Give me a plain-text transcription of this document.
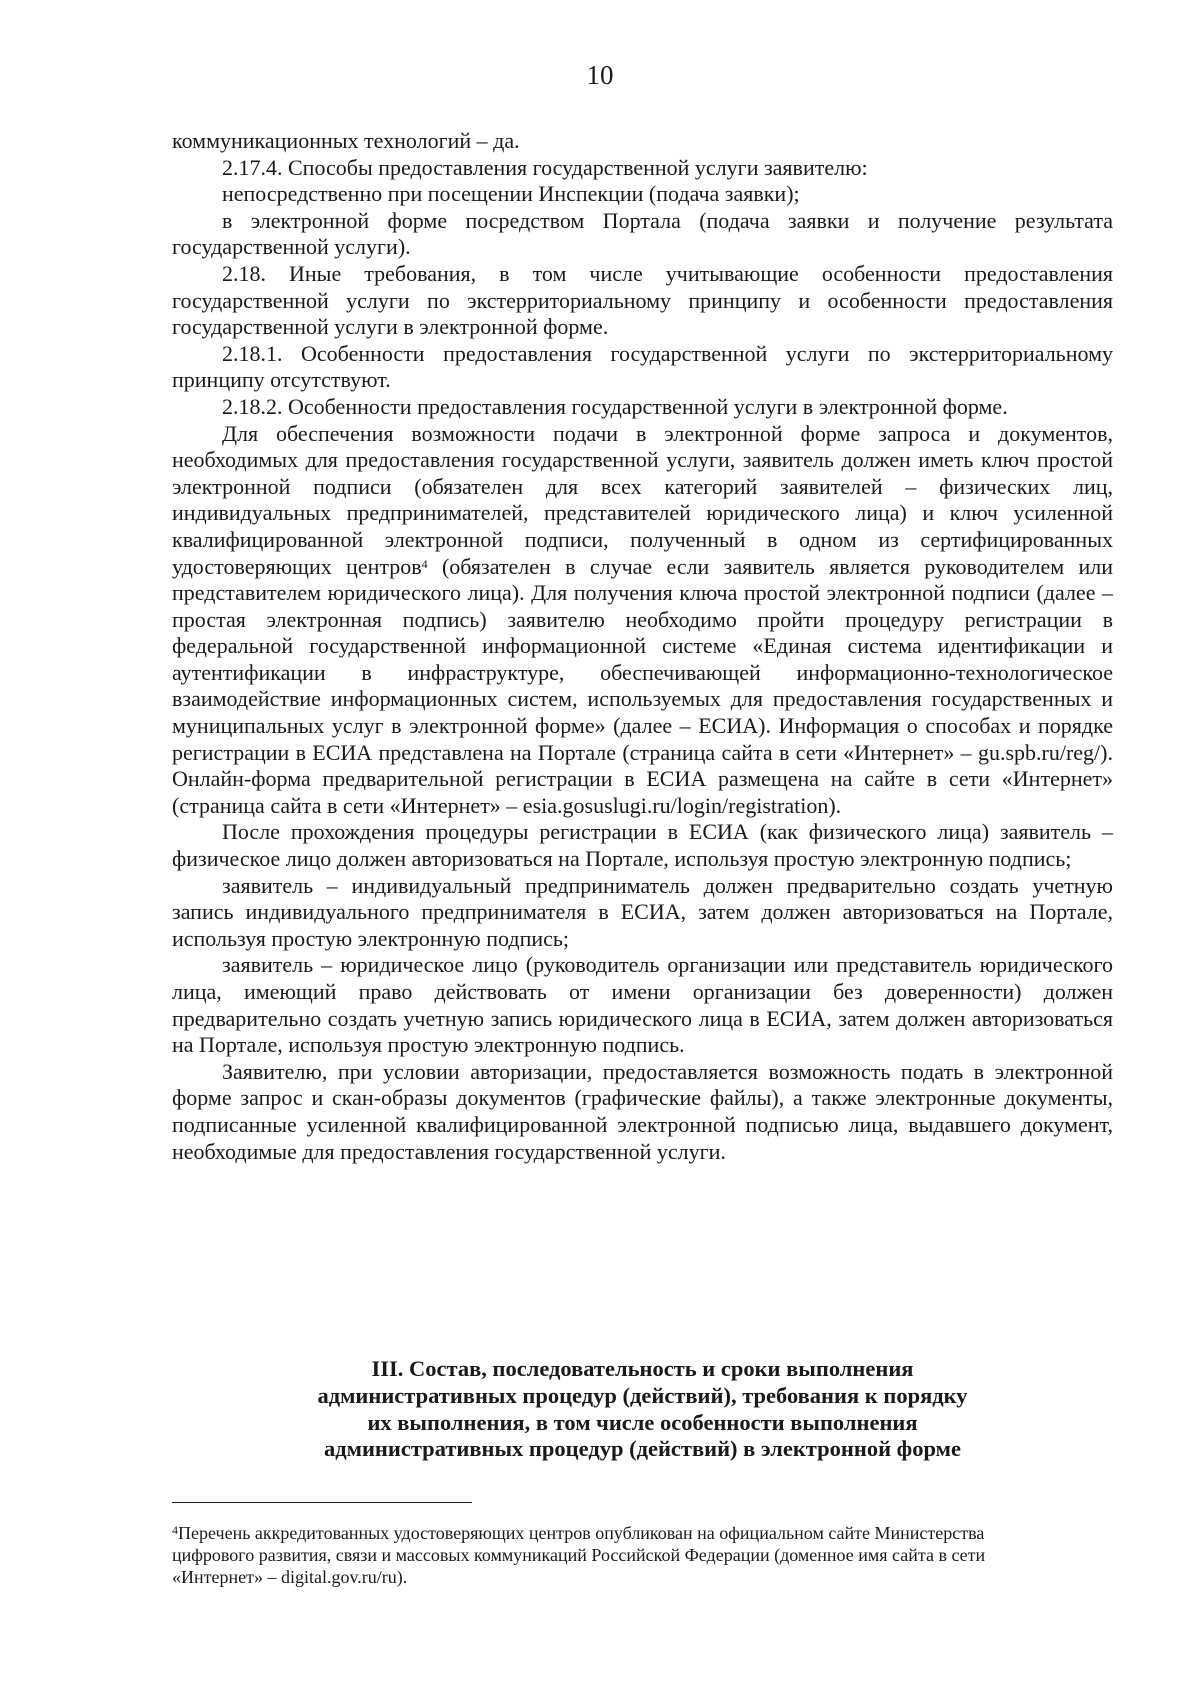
10

коммуникационных технологий – да.

2.17.4. Способы предоставления государственной услуги заявителю:

непосредственно при посещении Инспекции (подача заявки);

в электронной форме посредством Портала (подача заявки и получение результата государственной услуги).

2.18. Иные требования, в том числе учитывающие особенности предоставления государственной услуги по экстерриториальному принципу и особенности предоставления государственной услуги в электронной форме.

2.18.1. Особенности предоставления государственной услуги по экстерриториальному принципу отсутствуют.

2.18.2. Особенности предоставления государственной услуги в электронной форме.

Для обеспечения возможности подачи в электронной форме запроса и документов, необходимых для предоставления государственной услуги, заявитель должен иметь ключ простой электронной подписи (обязателен для всех категорий заявителей – физических лиц, индивидуальных предпринимателей, представителей юридического лица) и ключ усиленной квалифицированной электронной подписи, полученный в одном из сертифицированных удостоверяющих центров$^4$ (обязателен в случае если заявитель является руководителем или представителем юридического лица). Для получения ключа простой электронной подписи (далее – простая электронная подпись) заявителю необходимо пройти процедуру регистрации в федеральной государственной информационной системе «Единая система идентификации и аутентификации в инфраструктуре, обеспечивающей информационно-технологическое взаимодействие информационных систем, используемых для предоставления государственных и муниципальных услуг в электронной форме» (далее – ЕСИА). Информация о способах и порядке регистрации в ЕСИА представлена на Портале (страница сайта в сети «Интернет» – gu.spb.ru/reg/). Онлайн-форма предварительной регистрации в ЕСИА размещена на сайте в сети «Интернет» (страница сайта в сети «Интернет» – esia.gosuslugi.ru/login/registration).

После прохождения процедуры регистрации в ЕСИА (как физического лица) заявитель – физическое лицо должен авторизоваться на Портале, используя простую электронную подпись;

заявитель – индивидуальный предприниматель должен предварительно создать учетную запись индивидуального предпринимателя в ЕСИА, затем должен авторизоваться на Портале, используя простую электронную подпись;

заявитель – юридическое лицо (руководитель организации или представитель юридического лица, имеющий право действовать от имени организации без доверенности) должен предварительно создать учетную запись юридического лица в ЕСИА, затем должен авторизоваться на Портале, используя простую электронную подпись.

Заявителю, при условии авторизации, предоставляется возможность подать в электронной форме запрос и скан-образы документов (графические файлы), а также электронные документы, подписанные усиленной квалифицированной электронной подписью лица, выдавшего документ, необходимые для предоставления государственной услуги.

III. Состав, последовательность и сроки выполнения
административных процедур (действий), требования к порядку
их выполнения, в том числе особенности выполнения
административных процедур (действий) в электронной форме

$^4$Перечень аккредитованных удостоверяющих центров опубликован на официальном сайте Министерства

цифрового развития, связи и массовых коммуникаций Российской Федерации (доменное имя сайта в сети

«Интернет» – digital.gov.ru/ru).
